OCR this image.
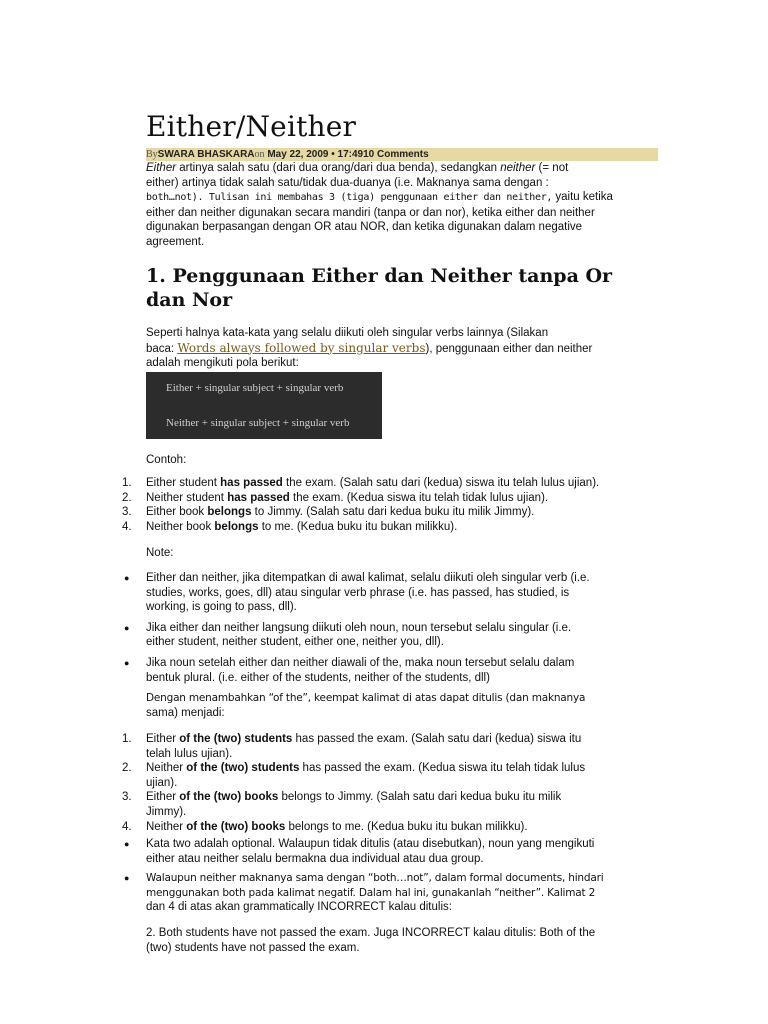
Either/Neither
BySWARA BHASKARAon May 22, 2009 • 17:4910 Comments

Either artinya salah satu (dari dua orang/dari dua benda), sedangkan neither (= not

either) artinya tidak salah satu/tidak dua-duanya (i.e. Maknanya sama dengan :

both…not). Tulisan ini membahas 3 (tiga) penggunaan either dan neither, yaitu ketika

either dan neither digunakan secara mandiri (tanpa or dan nor), ketika either dan neither

digunakan berpasangan dengan OR atau NOR, dan ketika digunakan dalam negative

agreement.

1. Penggunaan Either dan Neither tanpa Or dan Nor

Seperti halnya kata-kata yang selalu diikuti oleh singular verbs lainnya (Silakan

baca: Words always followed by singular verbs), penggunaan either dan neither

adalah mengikuti pola berikut:

Either + singular subject + singular verb
Neither + singular subject + singular verb

Contoh:

1. Either student has passed the exam. (Salah satu dari (kedua) siswa itu telah lulus ujian).
2. Neither student has passed the exam. (Kedua siswa itu telah tidak lulus ujian).
3. Either book belongs to Jimmy. (Salah satu dari kedua buku itu milik Jimmy).
4. Neither book belongs to me. (Kedua buku itu bukan milikku).

Note:

● Either dan neither, jika ditempatkan di awal kalimat, selalu diikuti oleh singular verb (i.e.
studies, works, goes, dll) atau singular verb phrase (i.e. has passed, has studied, is
working, is going to pass, dll).
● Jika either dan neither langsung diikuti oleh noun, noun tersebut selalu singular (i.e.
either student, neither student, either one, neither you, dll).
● Jika noun setelah either dan neither diawali of the, maka noun tersebut selalu dalam
bentuk plural. (i.e. either of the students, neither of the students, dll)

Dengan menambahkan “of the”, keempat kalimat di atas dapat ditulis (dan maknanya

sama) menjadi:

1. Either of the (two) students has passed the exam. (Salah satu dari (kedua) siswa itu
telah lulus ujian).
2. Neither of the (two) students has passed the exam. (Kedua siswa itu telah tidak lulus
ujian).
3. Either of the (two) books belongs to Jimmy. (Salah satu dari kedua buku itu milik
Jimmy).
4. Neither of the (two) books belongs to me. (Kedua buku itu bukan milikku).
● Kata two adalah optional. Walaupun tidak ditulis (atau disebutkan), noun yang mengikuti
either atau neither selalu bermakna dua individual atau dua group.
● Walaupun neither maknanya sama dengan “both…not”, dalam formal documents, hindari
menggunakan both pada kalimat negatif. Dalam hal ini, gunakanlah “neither”. Kalimat 2
dan 4 di atas akan grammatically INCORRECT kalau ditulis:

2. Both students have not passed the exam. Juga INCORRECT kalau ditulis: Both of the

(two) students have not passed the exam.
